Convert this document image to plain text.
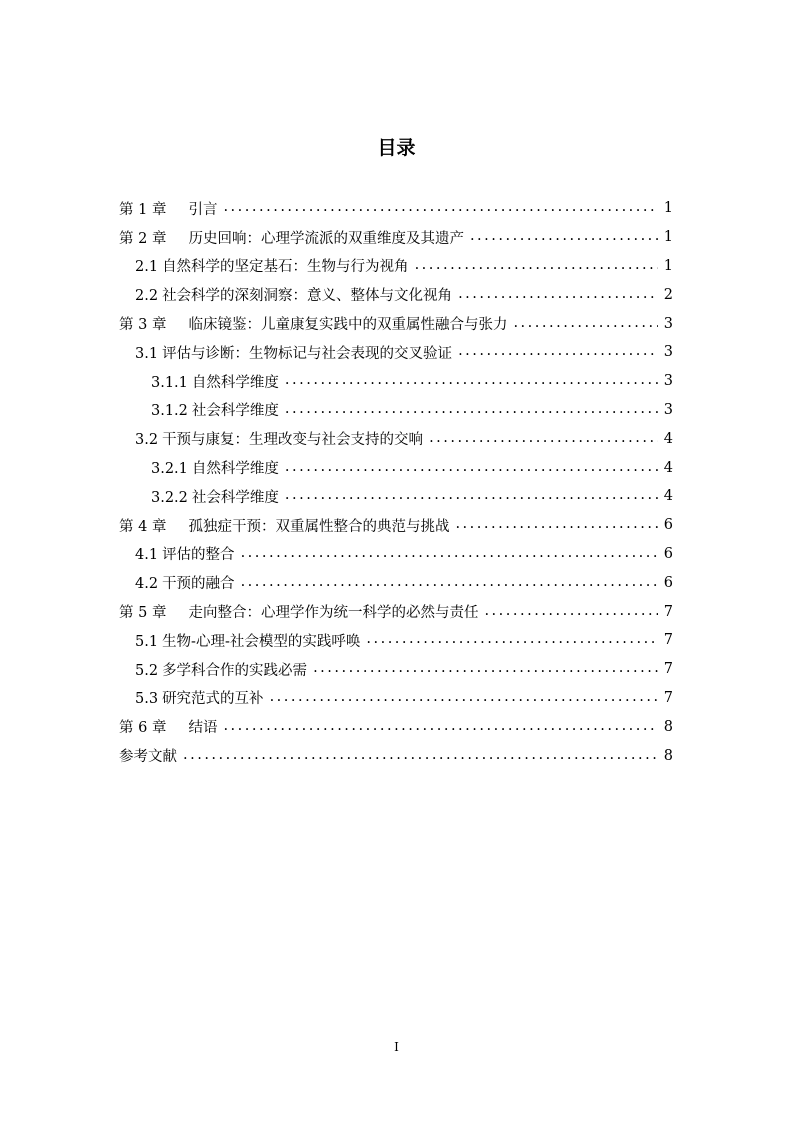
目录
第 1 章 引言 .....	1
第 2 章 历史回响：心理学流派的双重维度及其遗产 .....	1
2.1 自然科学的坚定基石：生物与行为视角 .....	1
2.2 社会科学的深刻洞察：意义、整体与文化视角 .....	2
第 3 章 临床镜鉴：儿童康复实践中的双重属性融合与张力 .....	3
3.1 评估与诊断：生物标记与社会表现的交叉验证 .....	3
3.1.1 自然科学维度 .....	3
3.1.2 社会科学维度 .....	3
3.2 干预与康复：生理改变与社会支持的交响 .....	4
3.2.1 自然科学维度 .....	4
3.2.2 社会科学维度 .....	4
第 4 章 孤独症干预：双重属性整合的典范与挑战 .....	6
4.1 评估的整合 .....	6
4.2 干预的融合 .....	6
第 5 章 走向整合：心理学作为统一科学的必然与责任 .....	7
5.1 生物-心理-社会模型的实践呼唤 .....	7
5.2 多学科合作的实践必需 .....	7
5.3 研究范式的互补 .....	7
第 6 章 结语 .....	8
参考文献 .....	8
I
